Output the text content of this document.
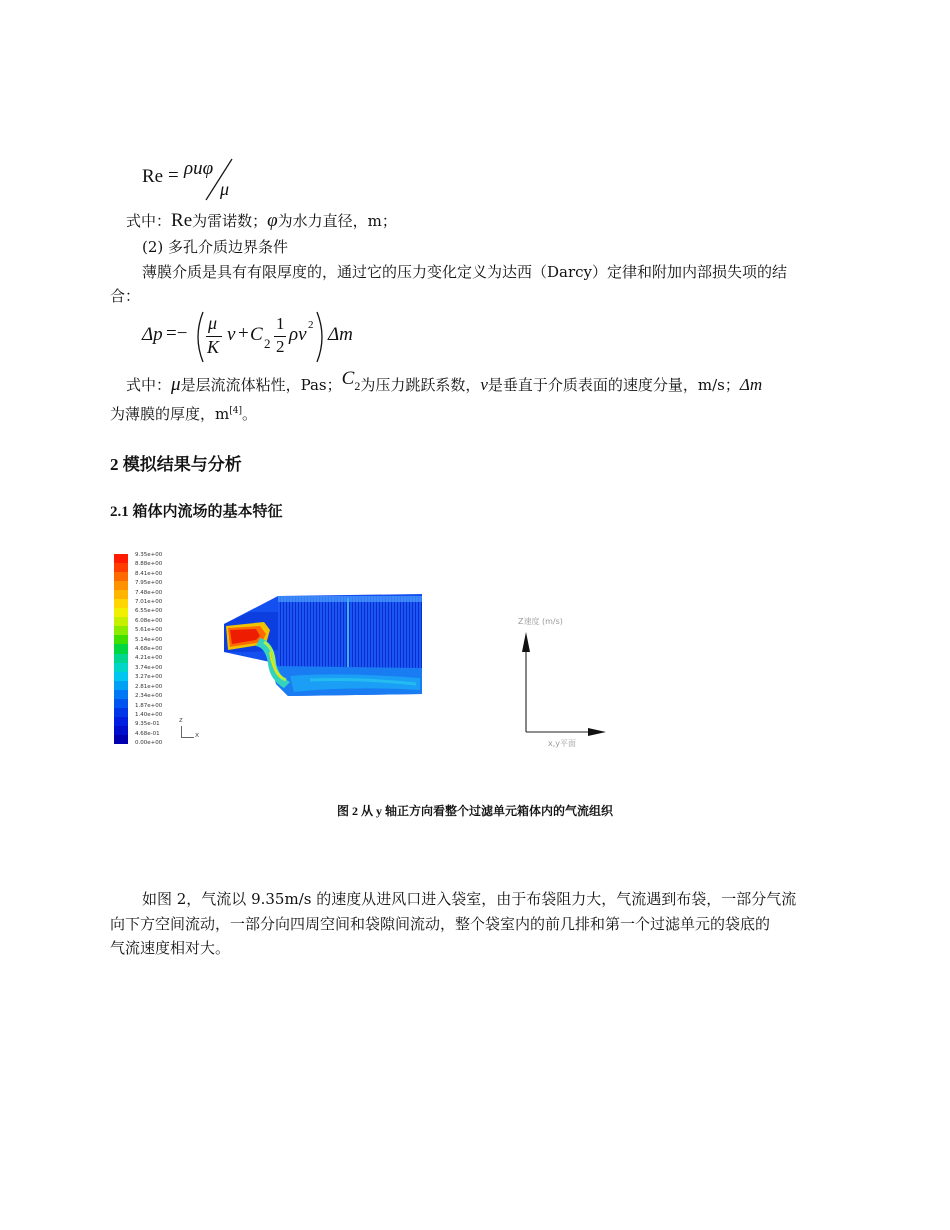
Re = ρuφ
μ
式中：Re为雷诺数；φ为水力直径，m；
(2) 多孔介质边界条件
薄膜介质是具有有限厚度的，通过它的压力变化定义为达西（Darcy）定律和附加内部损失项的结
合：
Δp =− μ
K
v + C 2
1
2
ρv 2 Δm
式中：μ是层流流体粘性，Pas；C2为压力跳跃系数，ν是垂直于介质表面的速度分量，m/s；Δm
为薄膜的厚度，m[4]。
2 模拟结果与分析
2.1 箱体内流场的基本特征
9.35e+00
8.88e+00
8.41e+00
7.95e+00
7.48e+00
7.01e+00
6.55e+00
6.08e+00
5.61e+00
5.14e+00
4.68e+00
4.21e+00
3.74e+00
3.27e+00
2.81e+00
2.34e+00
1.87e+00
1.40e+00
9.35e-01
4.68e-01
0.00e+00
z
x
Z速度 (m/s)
x,y平面
图 2 从 y 轴正方向看整个过滤单元箱体内的气流组织
如图 2，气流以 9.35m/s 的速度从进风口进入袋室，由于布袋阻力大，气流遇到布袋，一部分气流
向下方空间流动，一部分向四周空间和袋隙间流动，整个袋室内的前几排和第一个过滤单元的袋底的
气流速度相对大。
